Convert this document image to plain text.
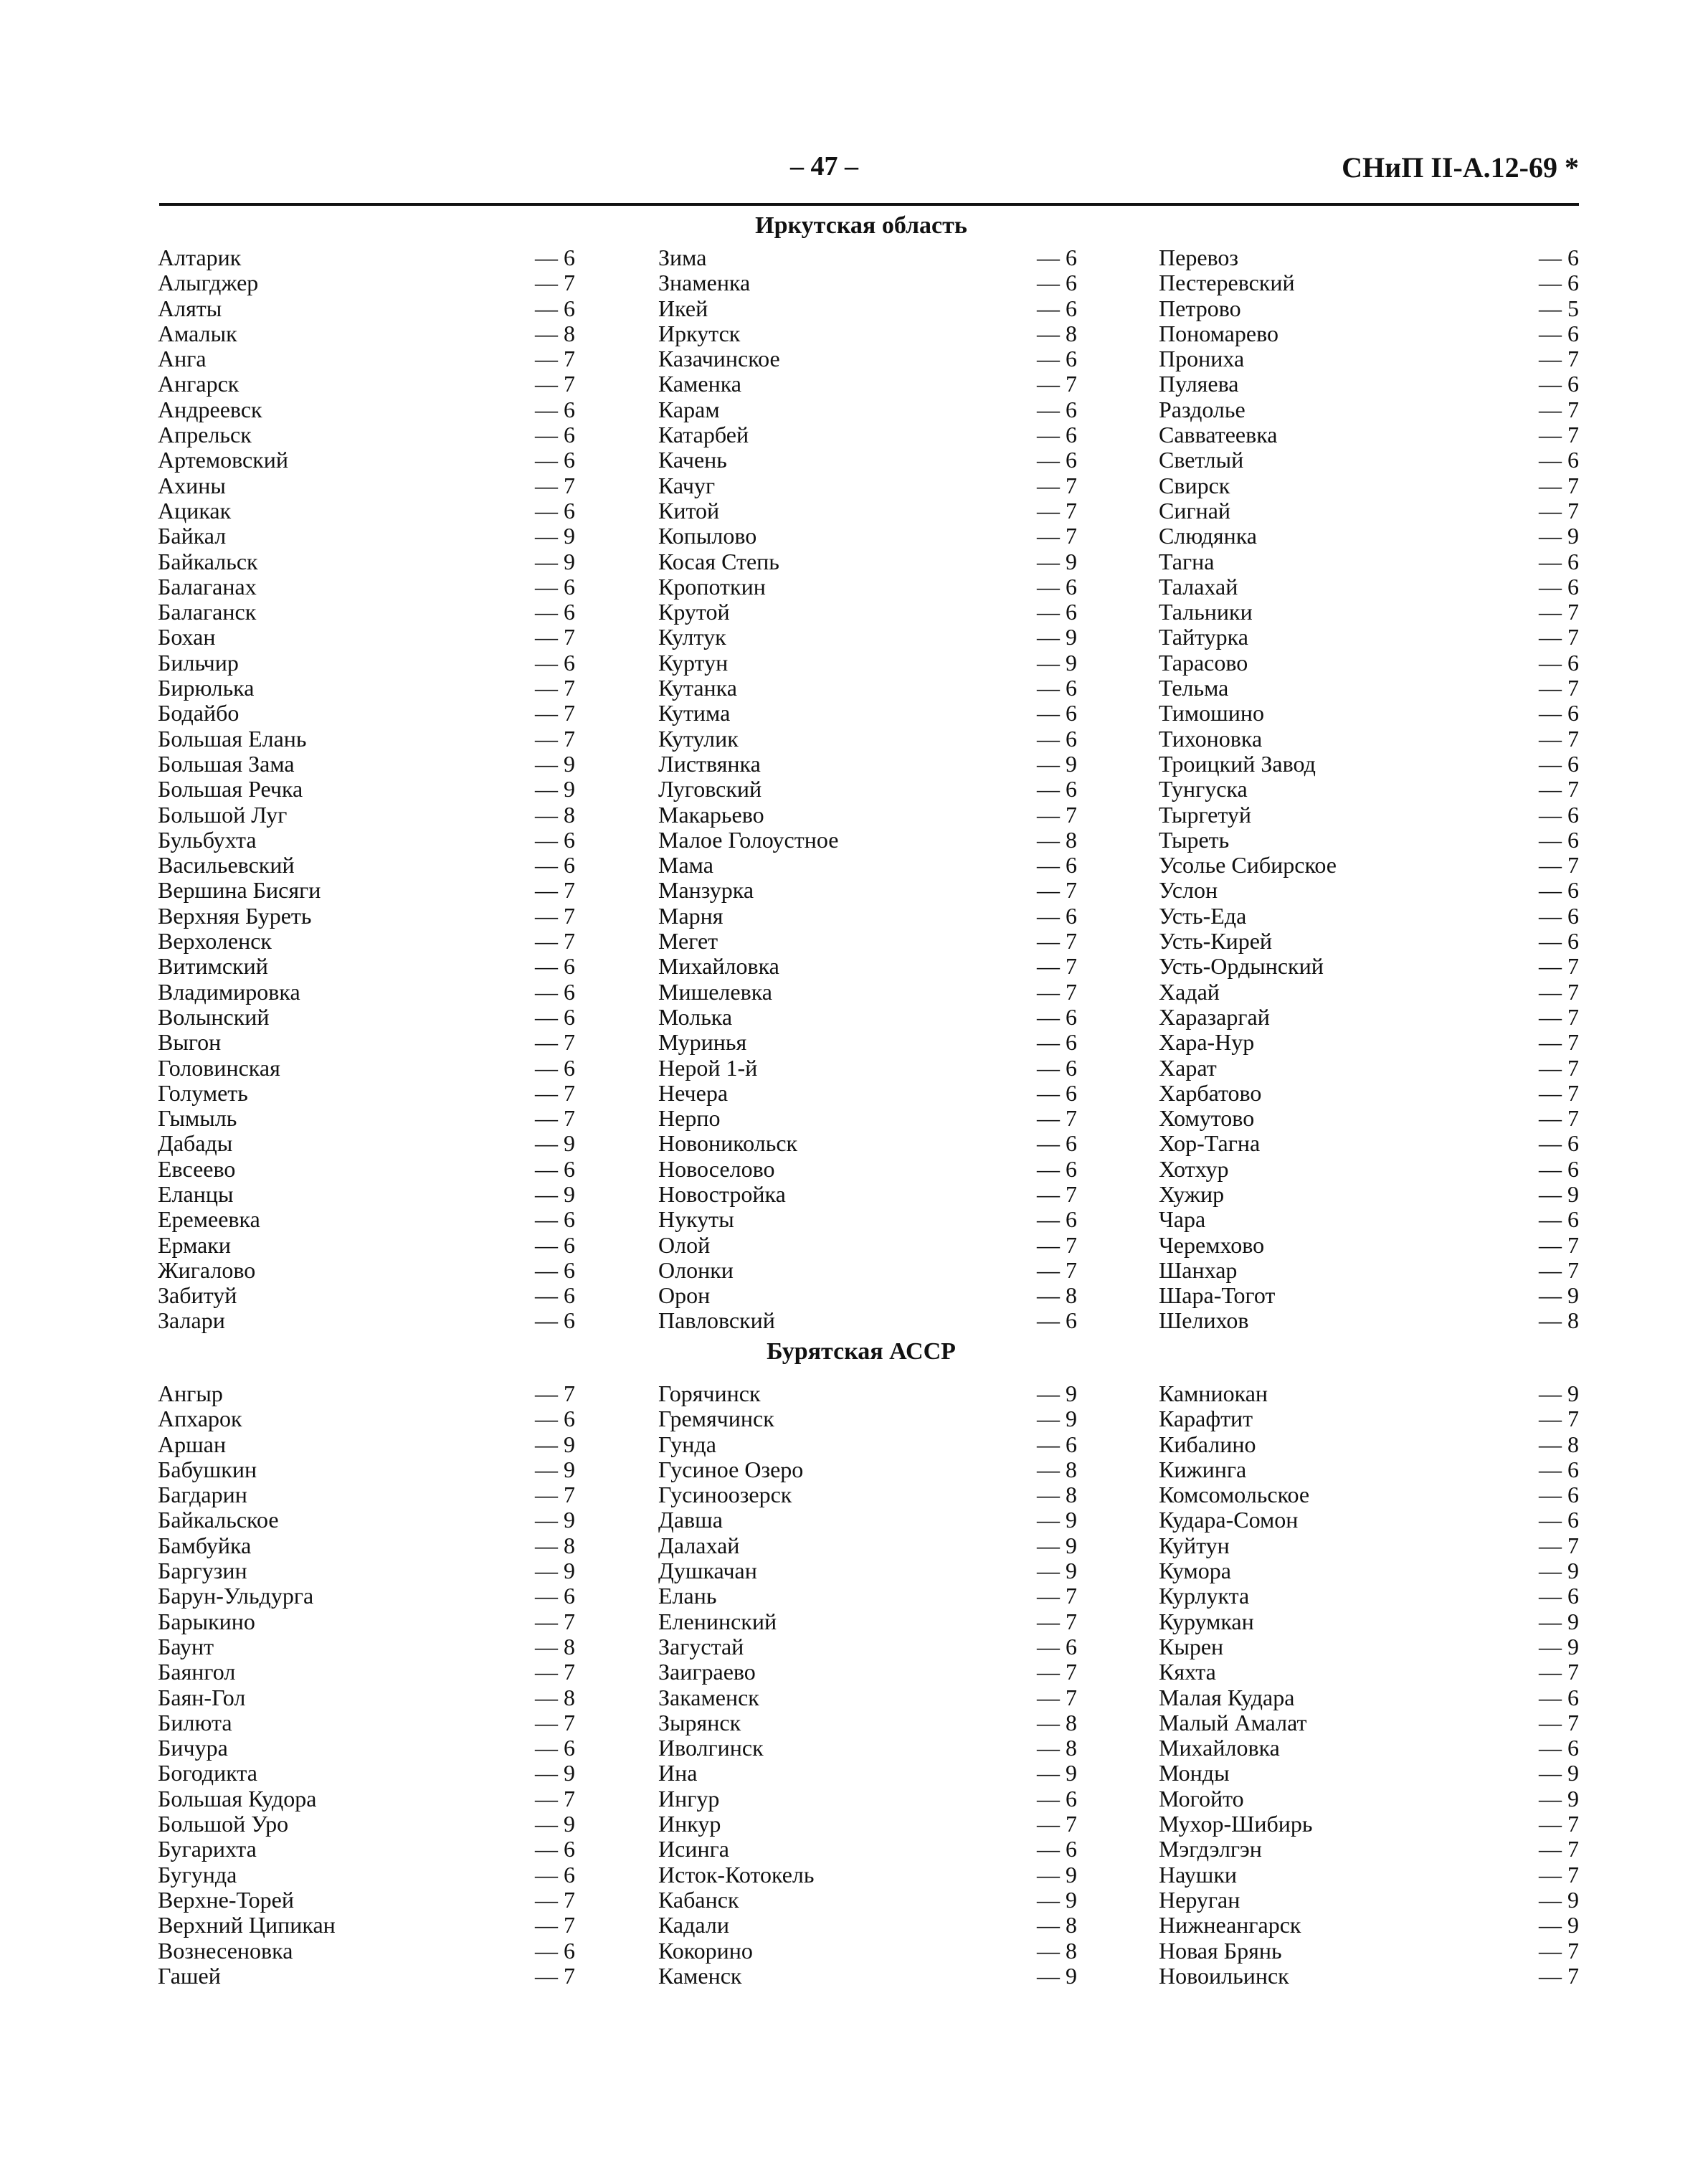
– 47 –	СНиП II-А.12-69 *
Иркутская область
Алтарик	— 6
Алыгджер	— 7
Аляты	— 6
Амалык	— 8
Анга	— 7
Ангарск	— 7
Андреевск	— 6
Апрельск	— 6
Артемовский	— 6
Ахины	— 7
Ацикак	— 6
Байкал	— 9
Байкальск	— 9
Балаганах	— 6
Балаганск	— 6
Бохан	— 7
Бильчир	— 6
Бирюлька	— 7
Бодайбо	— 7
Большая Елань	— 7
Большая Зама	— 9
Большая Речка	— 9
Большой Луг	— 8
Бульбухта	— 6
Васильевский	— 6
Вершина Бисяги	— 7
Верхняя Буреть	— 7
Верхоленск	— 7
Витимский	— 6
Владимировка	— 6
Волынский	— 6
Выгон	— 7
Головинская	— 6
Голуметь	— 7
Гымыль	— 7
Дабады	— 9
Евсеево	— 6
Еланцы	— 9
Еремеевка	— 6
Ермаки	— 6
Жигалово	— 6
Забитуй	— 6
Залари	— 6
Зима	— 6
Знаменка	— 6
Икей	— 6
Иркутск	— 8
Казачинское	— 6
Каменка	— 7
Карам	— 6
Катарбей	— 6
Качень	— 6
Качуг	— 7
Китой	— 7
Копылово	— 7
Косая Степь	— 9
Кропоткин	— 6
Крутой	— 6
Култук	— 9
Куртун	— 9
Кутанка	— 6
Кутима	— 6
Кутулик	— 6
Листвянка	— 9
Луговский	— 6
Макарьево	— 7
Малое Голоустное	— 8
Мама	— 6
Манзурка	— 7
Марня	— 6
Мегет	— 7
Михайловка	— 7
Мишелевка	— 7
Молька	— 6
Муринья	— 6
Нерой 1-й	— 6
Нечера	— 6
Нерпо	— 7
Новоникольск	— 6
Новоселово	— 6
Новостройка	— 7
Нукуты	— 6
Олой	— 7
Олонки	— 7
Орон	— 8
Павловский	— 6
Перевоз	— 6
Пестеревский	— 6
Петрово	— 5
Пономарево	— 6
Прониха	— 7
Пуляева	— 6
Раздолье	— 7
Савватеевка	— 7
Светлый	— 6
Свирск	— 7
Сигнай	— 7
Слюдянка	— 9
Тагна	— 6
Талахай	— 6
Тальники	— 7
Тайтурка	— 7
Тарасово	— 6
Тельма	— 7
Тимошино	— 6
Тихоновка	— 7
Троицкий Завод	— 6
Тунгуска	— 7
Тыргетуй	— 6
Тыреть	— 6
Усолье Сибирское	— 7
Услон	— 6
Усть-Еда	— 6
Усть-Кирей	— 6
Усть-Ордынский	— 7
Хадай	— 7
Харазаргай	— 7
Хара-Нур	— 7
Харат	— 7
Харбатово	— 7
Хомутово	— 7
Хор-Тагна	— 6
Хотхур	— 6
Хужир	— 9
Чара	— 6
Черемхово	— 7
Шанхар	— 7
Шара-Тогот	— 9
Шелихов	— 8
Бурятская АССР
Ангыр	— 7
Апхарок	— 6
Аршан	— 9
Бабушкин	— 9
Багдарин	— 7
Байкальское	— 9
Бамбуйка	— 8
Баргузин	— 9
Барун-Ульдурга	— 6
Барыкино	— 7
Баунт	— 8
Баянгол	— 7
Баян-Гол	— 8
Билюта	— 7
Бичура	— 6
Богодикта	— 9
Большая Кудора	— 7
Большой Уро	— 9
Бугарихта	— 6
Бугунда	— 6
Верхне-Торей	— 7
Верхний Ципикан	— 7
Вознесеновка	— 6
Гашей	— 7
Горячинск	— 9
Гремячинск	— 9
Гунда	— 6
Гусиное Озеро	— 8
Гусиноозерск	— 8
Давша	— 9
Далахай	— 9
Душкачан	— 9
Елань	— 7
Еленинский	— 7
Загустай	— 6
Заиграево	— 7
Закаменск	— 7
Зырянск	— 8
Иволгинск	— 8
Ина	— 9
Ингур	— 6
Инкур	— 7
Исинга	— 6
Исток-Котокель	— 9
Кабанск	— 9
Кадали	— 8
Кокорино	— 8
Каменск	— 9
Камниокан	— 9
Карафтит	— 7
Кибалино	— 8
Кижинга	— 6
Комсомольское	— 6
Кудара-Сомон	— 6
Куйтун	— 7
Кумора	— 9
Курлукта	— 6
Курумкан	— 9
Кырен	— 9
Кяхта	— 7
Малая Кудара	— 6
Малый Амалат	— 7
Михайловка	— 6
Монды	— 9
Могойто	— 9
Мухор-Шибирь	— 7
Мэгдэлгэн	— 7
Наушки	— 7
Неруган	— 9
Нижнеангарск	— 9
Новая Брянь	— 7
Новоильинск	— 7
